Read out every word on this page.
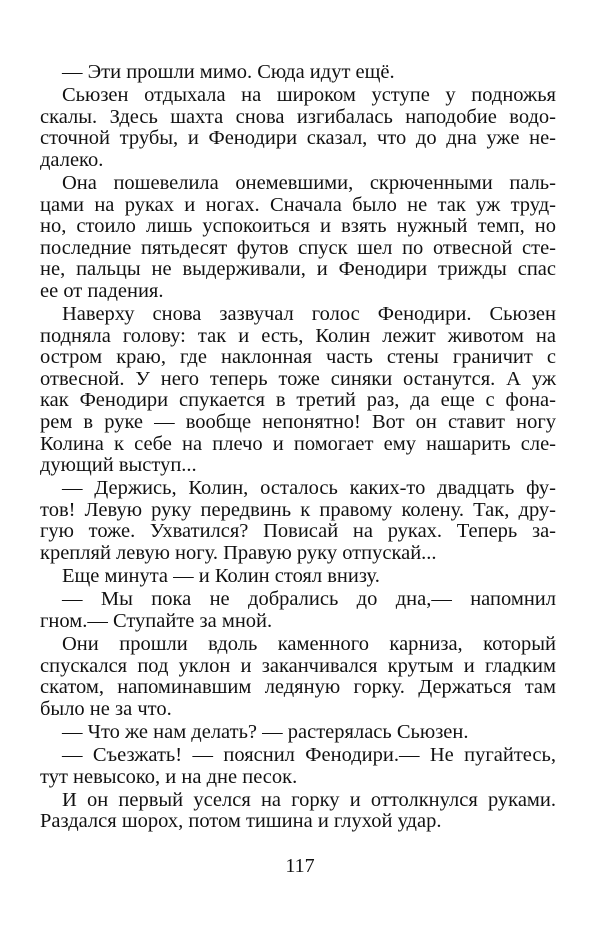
— Эти прошли мимо. Сюда идут ещё.
Сьюзен отдыхала на широком уступе у подножья
скалы. Здесь шахта снова изгибалась наподобие водо-
сточной трубы, и Фенодири сказал, что до дна уже не-
далеко.
Она пошевелила онемевшими, скрюченными паль-
цами на руках и ногах. Сначала было не так уж труд-
но, стоило лишь успокоиться и взять нужный темп, но
последние пятьдесят футов спуск шел по отвесной сте-
не, пальцы не выдерживали, и Фенодири трижды спас
ее от падения.
Наверху снова зазвучал голос Фенодири. Сьюзен
подняла голову: так и есть, Колин лежит животом на
остром краю, где наклонная часть стены граничит с
отвесной. У него теперь тоже синяки останутся. А уж
как Фенодири спукается в третий раз, да еще с фона-
рем в руке — вообще непонятно! Вот он ставит ногу
Колина к себе на плечо и помогает ему нашарить сле-
дующий выступ...
— Держись, Колин, осталось каких-то двадцать фу-
тов! Левую руку передвинь к правому колену. Так, дру-
гую тоже. Ухватился? Повисай на руках. Теперь за-
крепляй левую ногу. Правую руку отпускай...
Еще минута — и Колин стоял внизу.
— Мы пока не добрались до дна,— напомнил
гном.— Ступайте за мной.
Они прошли вдоль каменного карниза, который
спускался под уклон и заканчивался крутым и гладким
скатом, напоминавшим ледяную горку. Держаться там
было не за что.
— Что же нам делать? — растерялась Сьюзен.
— Съезжать! — пояснил Фенодири.— Не пугайтесь,
тут невысоко, и на дне песок.
И он первый уселся на горку и оттолкнулся руками.
Раздался шорох, потом тишина и глухой удар.
117
